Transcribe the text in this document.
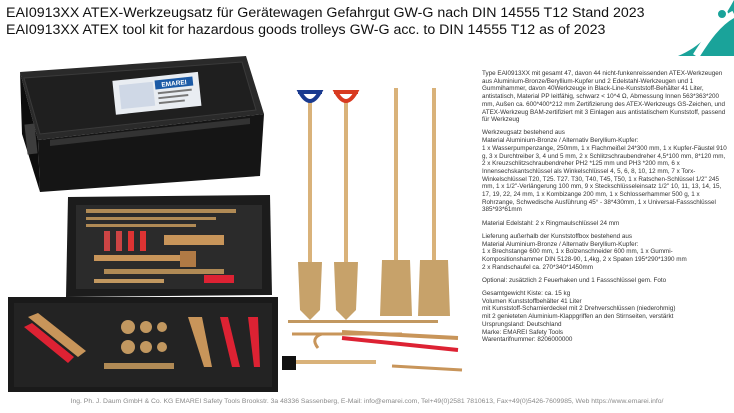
EAI0913XX ATEX-Werkzeugsatz für Gerätewagen Gefahrgut GW-G nach DIN 14555 T12 Stand 2023
EAI0913XX ATEX tool kit for hazardous goods trolleys GW-G acc. to DIN 14555 T12 as of 2023
EMAREI

Type EAI0913XX mit gesamt 47, davon 44 nicht-funkenreissenden ATEX-Werkzeugen aus Aluminium-Bronze/Beryllium-Kupfer und 2 Edelstahl-Werkzeugen und 1 Gummihammer, davon 40Werkzeuge in Black-Line-Kunststoff-Behälter 41 Liter, antistatisch, Material PP leitfähig, schwarz < 10^4 Ω, Abmessung Innen 563*363*200 mm, Außen ca. 600*400*212 mm Zertifizierung des ATEX-Werkzeugs GS-Zeichen, und ATEX-Werkzeug BAM-zertifiziert mit 3 Einlagen aus antistatischem Kunststoff, passend für Werkzeug

Werkzeugsatz bestehend aus
Material Aluminium-Bronze / Alternativ Beryllium-Kupfer:
1 x Wasserpumpenzange, 250mm, 1 x Flachmeißel 24*300 mm, 1 x Kupfer-Fäustel 910 g, 3 x Durchtreiber 3, 4 und 5 mm, 2 x Schlitzschraubendreher 4,5*100 mm, 8*120 mm, 2 x Kreuzschlitzschraubendreher PH2 *125 mm und PH3 *200 mm, 6 x Innensechskantschlüssel als Winkelschlüssel 4, 5, 6, 8, 10, 12 mm, 7 x Torx-Winkelschlüssel T20, T25. T27. T30, T40, T45, T50, 1 x Ratschen-Schlüssel 1/2" 245 mm, 1 x 1/2"-Verlängerung 100 mm, 9 x Steckschlüsseleinsatz 1/2" 10, 11, 13, 14, 15, 17, 19, 22, 24 mm, 1 x Kombizange 200 mm, 1 x Schlosserhammer 500 g, 1 x Rohrzange, Schwedische Ausführung 45° - 38*430mm, 1 x Universal-Fassschlüssel 385*93*61mm

Material Edelstahl: 2 x Ringmaulschlüssel 24 mm

Lieferung außerhalb der Kunststoffbox bestehend aus
Material Aluminium-Bronze / Alternativ Beryllium-Kupfer:
1 x Brechstange 600 mm, 1 x Bolzenschneider 600 mm, 1 x Gummi-Kompositionshammer DIN 5128-90, 1,4kg, 2 x Spaten 195*290*1390 mm
2 x Randschaufel ca. 270*340*1450mm

Optional: zusätzlich 2 Feuerhaken und 1 Fassschlüssel gem. Foto

Gesamtgewicht Kiste: ca. 15 kg
Volumen Kunststoffbehälter 41 Liter
mit Kunststoff-Scharnierdeckel mit 2 Drehverschlüssen (niederohmig)
mit 2 genieteten Aluminium-Klappgriffen an den Stirnseiten, verstärkt
Ursprungsland: Deutschland
Marke: EMAREI Safety Tools
Warentarifnummer: 8206000000

Ing. Ph. J. Daum GmbH & Co. KG EMAREI Safety Tools Brookstr. 3a 48336 Sassenberg, E-Mail: info@emarei.com, Tel+49(0)2581 7810613, Fax+49(0)5426-7609985, Web https://www.emarei.info/
